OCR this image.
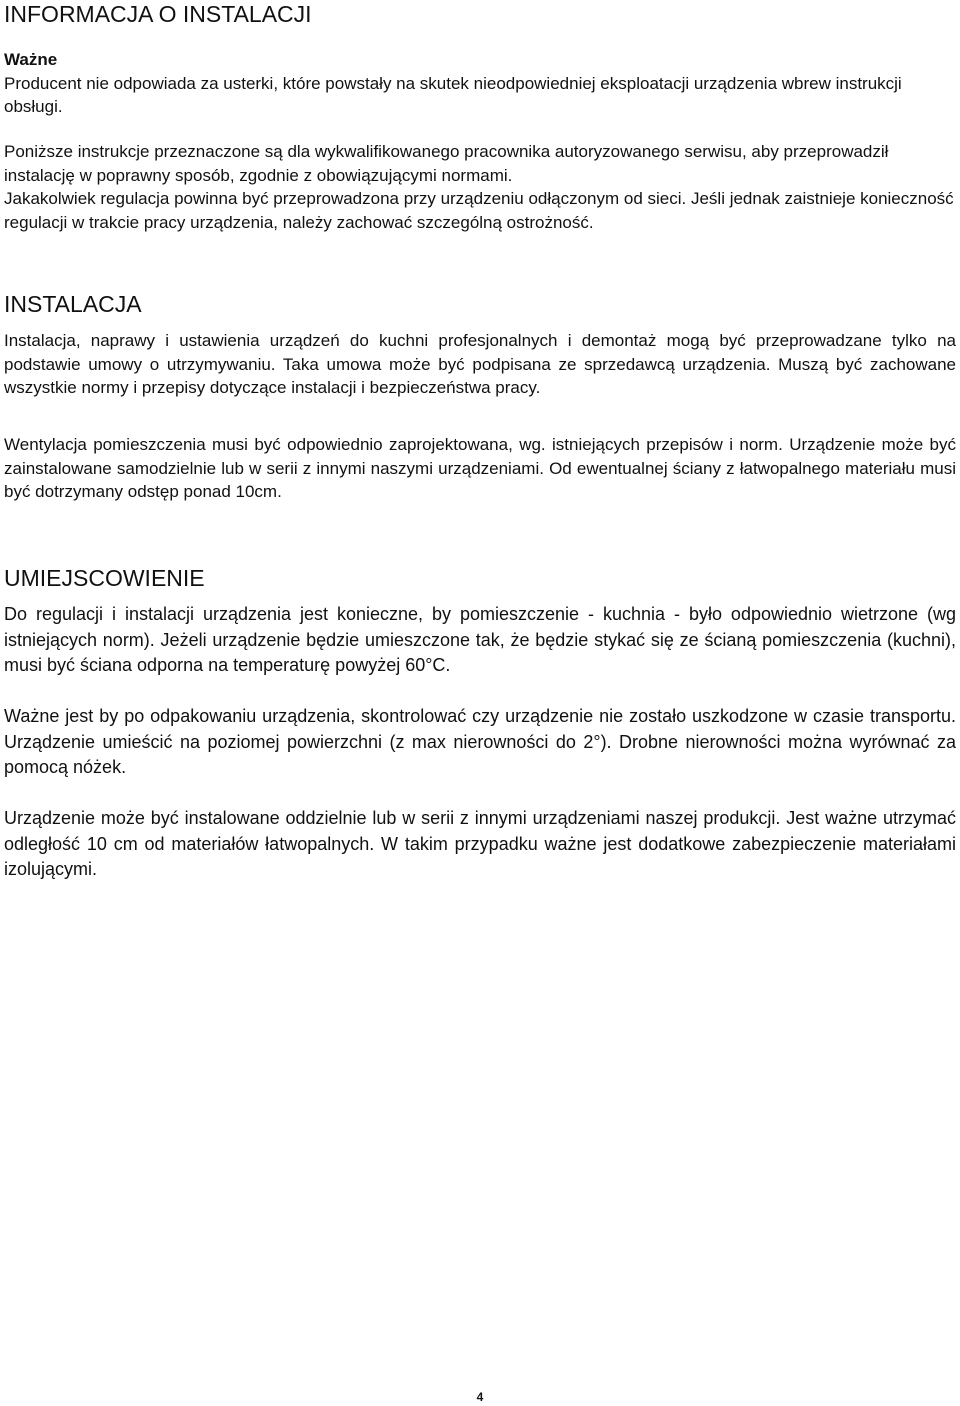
INFORMACJA O INSTALACJI

Ważne

Producent nie odpowiada za usterki, które powstały na skutek nieodpowiedniej eksploatacji urządzenia wbrew instrukcji obsługi.

Poniższe instrukcje przeznaczone są dla wykwalifikowanego pracownika autoryzowanego serwisu, aby przeprowadził instalację w poprawny sposób, zgodnie z obowiązującymi normami.

Jakakolwiek regulacja powinna być przeprowadzona przy urządzeniu odłączonym od sieci. Jeśli jednak zaistnieje konieczność regulacji w trakcie pracy urządzenia, należy zachować szczególną ostrożność.

INSTALACJA

Instalacja, naprawy i ustawienia urządzeń do kuchni profesjonalnych i demontaż mogą być przeprowadzane tylko na podstawie umowy o utrzymywaniu. Taka umowa może być podpisana ze sprzedawcą urządzenia. Muszą być zachowane wszystkie normy i przepisy dotyczące instalacji i bezpieczeństwa pracy.

Wentylacja pomieszczenia musi być odpowiednio zaprojektowana, wg. istniejących przepisów i norm. Urządzenie może być zainstalowane samodzielnie lub w serii z innymi naszymi urządzeniami. Od ewentualnej ściany z łatwopalnego materiału musi być dotrzymany odstęp ponad 10cm.

UMIEJSCOWIENIE

Do regulacji i instalacji urządzenia jest konieczne, by pomieszczenie - kuchnia - było odpowiednio wietrzone (wg istniejących norm). Jeżeli urządzenie będzie umieszczone tak, że będzie stykać się ze ścianą pomieszczenia (kuchni), musi być ściana odporna na temperaturę powyżej 60°C.

Ważne jest by po odpakowaniu urządzenia, skontrolować czy urządzenie nie zostało uszkodzone w czasie transportu. Urządzenie umieścić na poziomej powierzchni (z max nierowności do 2°). Drobne nierowności można wyrównać za pomocą nóżek.

Urządzenie może być instalowane oddzielnie lub w serii z innymi urządzeniami naszej produkcji. Jest ważne utrzymać odległość 10 cm od materiałów łatwopalnych. W takim przypadku ważne jest dodatkowe zabezpieczenie materiałami izolującymi.

4
